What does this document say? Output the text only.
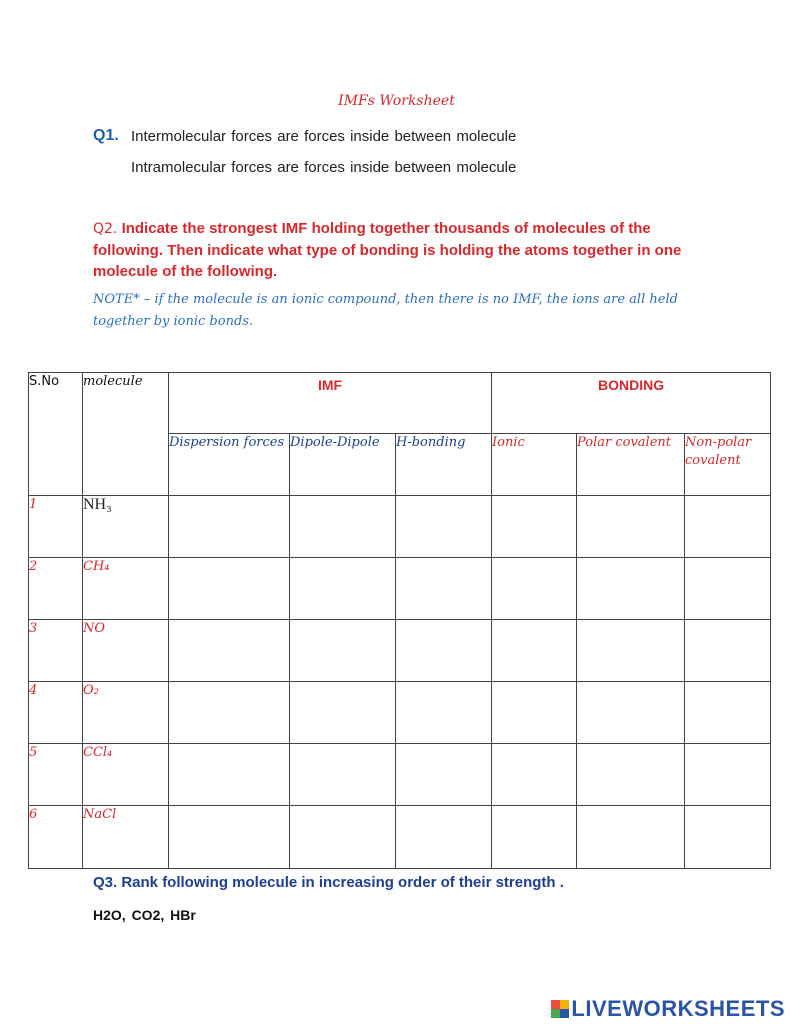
IMFs Worksheet
Q1. Intermolecular forces are forces inside between molecule
Intramolecular forces are forces inside between molecule
Q2. Indicate the strongest IMF holding together thousands of molecules of the following. Then indicate what type of bonding is holding the atoms together in one molecule of the following.
NOTE* – if the molecule is an ionic compound, then there is no IMF, the ions are all held together by ionic bonds.
S.No	molecule	IMF			BONDING		
		Dispersion forces	Dipole-Dipole	H-bonding	Ionic	Polar covalent	Non-polar covalent
1	NH₃						
2	CH₄						
3	NO						
4	O₂						
5	CCl₄						
6	NaCl						
Q3. Rank following molecule in increasing order of their strength .
H2O, CO2, HBr
LIVEWORKSHEETS
